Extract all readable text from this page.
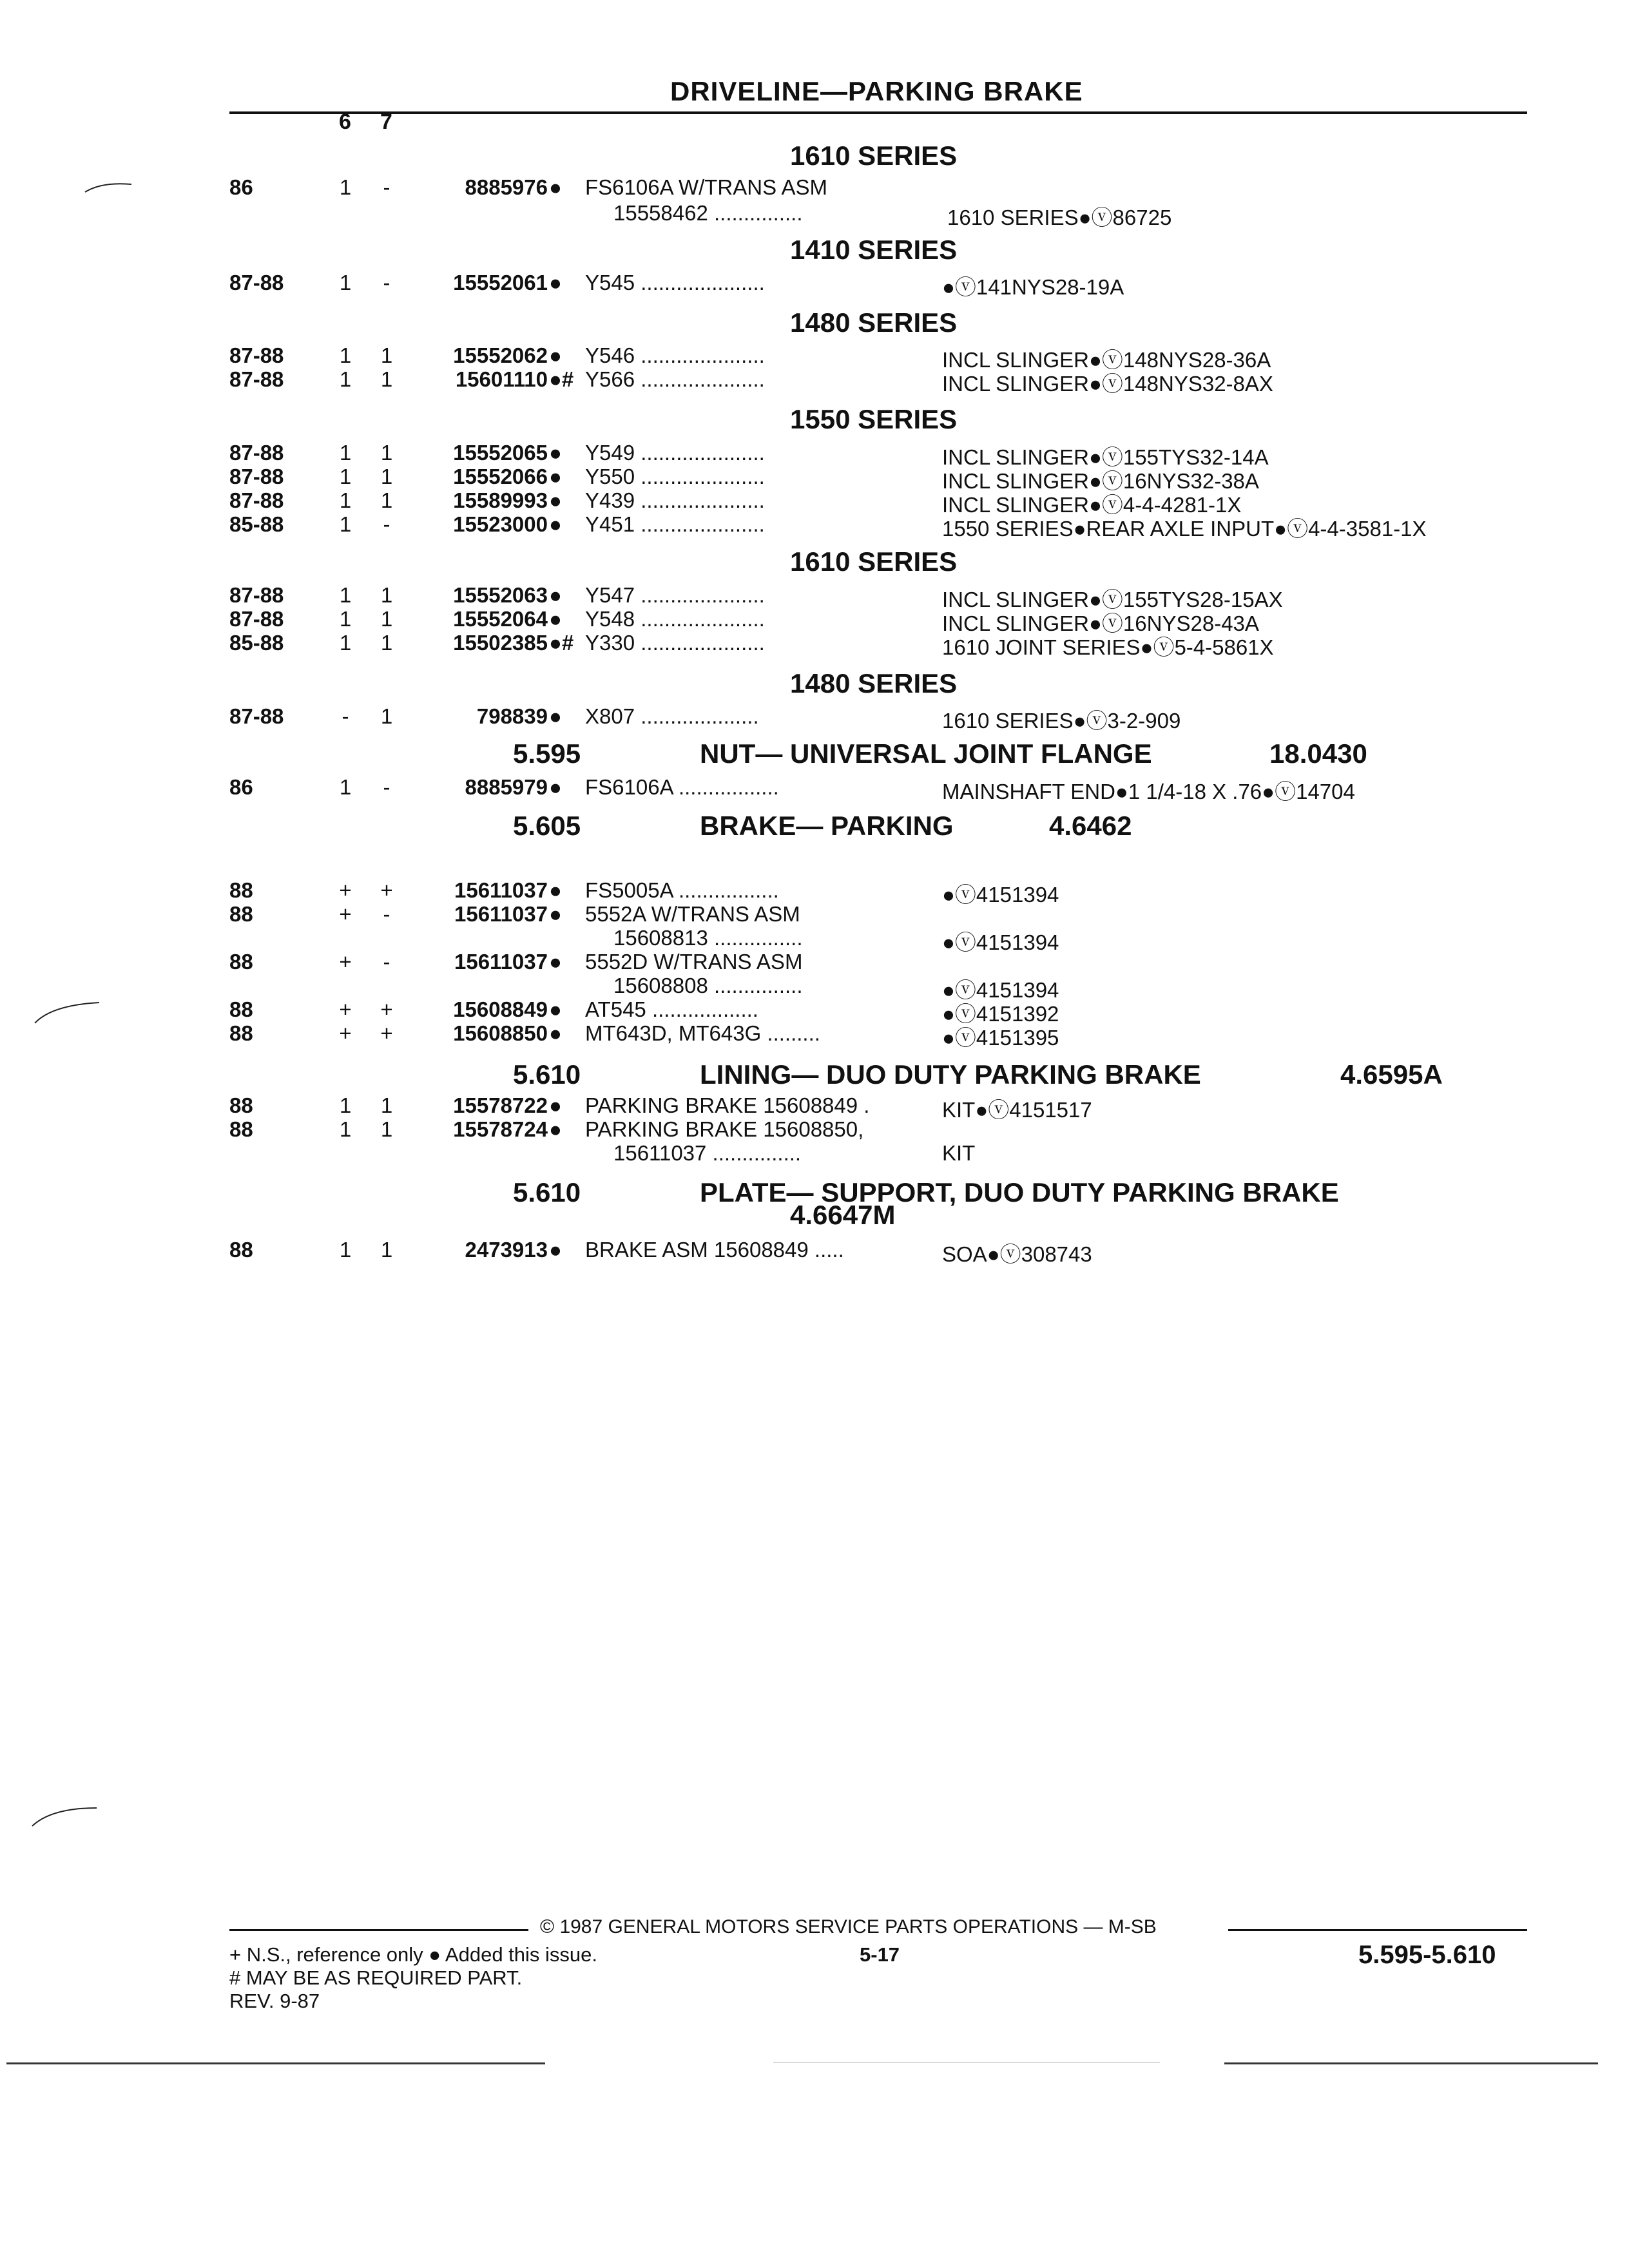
DRIVELINE—PARKING BRAKE
6 7
1610 SERIES
1410 SERIES
1480 SERIES
1550 SERIES
1610 SERIES
1480 SERIES
5.595	NUT— UNIVERSAL JOINT FLANGE	18.0430
5.605	BRAKE— PARKING	4.6462
5.610	LINING— DUO DUTY PARKING BRAKE	4.6595A
5.610	PLATE— SUPPORT, DUO DUTY PARKING BRAKE
4.6647M
86	1 -	8885976 ● FS6106A W/TRANS ASM
15558462 ...............	1610 SERIES●ⓥ86725
87-88	1 -	15552061 ● Y545 .....................	●ⓥ141NYS28-19A
87-88	1 1	15552062 ● Y546 .....................	INCL SLINGER●ⓥ148NYS28-36A
87-88	1 1	15601110 ●# Y566 .....................	INCL SLINGER●ⓥ148NYS32-8AX
87-88	1 1	15552065 ● Y549 .....................	INCL SLINGER●ⓥ155TYS32-14A
87-88	1 1	15552066 ● Y550 .....................	INCL SLINGER●ⓥ16NYS32-38A
87-88	1 1	15589993 ● Y439 .....................	INCL SLINGER●ⓥ4-4-4281-1X
85-88	1 -	15523000 ● Y451 .....................	1550 SERIES●REAR AXLE INPUT●ⓥ4-4-3581-1X
87-88	1 1	15552063 ● Y547 .....................	INCL SLINGER●ⓥ155TYS28-15AX
87-88	1 1	15552064 ● Y548 .....................	INCL SLINGER●ⓥ16NYS28-43A
85-88	1 1	15502385 ●# Y330 .....................	1610 JOINT SERIES●ⓥ5-4-5861X
87-88	- 1	798839 ● X807 ....................	1610 SERIES●ⓥ3-2-909
86	1 -	8885979 ● FS6106A .................	MAINSHAFT END●1 1/4-18 X .76●ⓥ14704
88	+ +	15611037 ● FS5005A .................	●ⓥ4151394
88	+ -	15611037 ● 5552A W/TRANS ASM
15608813 ...............	●ⓥ4151394
88	+ -	15611037 ● 5552D W/TRANS ASM
15608808 ...............	●ⓥ4151394
88	+ +	15608849 ● AT545 ..................	●ⓥ4151392
88	+ +	15608850 ● MT643D, MT643G .........	●ⓥ4151395
88	1 1	15578722 ● PARKING BRAKE 15608849 .	KIT●ⓥ4151517
88	1 1	15578724 ● PARKING BRAKE 15608850,
15611037 ...............	KIT
88	1 1	2473913 ● BRAKE ASM 15608849 .....	SOA●ⓥ308743
© 1987 GENERAL MOTORS SERVICE PARTS OPERATIONS — M-SB
+ N.S., reference only ● Added this issue.	5-17	5.595-5.610
# MAY BE AS REQUIRED PART.
REV. 9-87
